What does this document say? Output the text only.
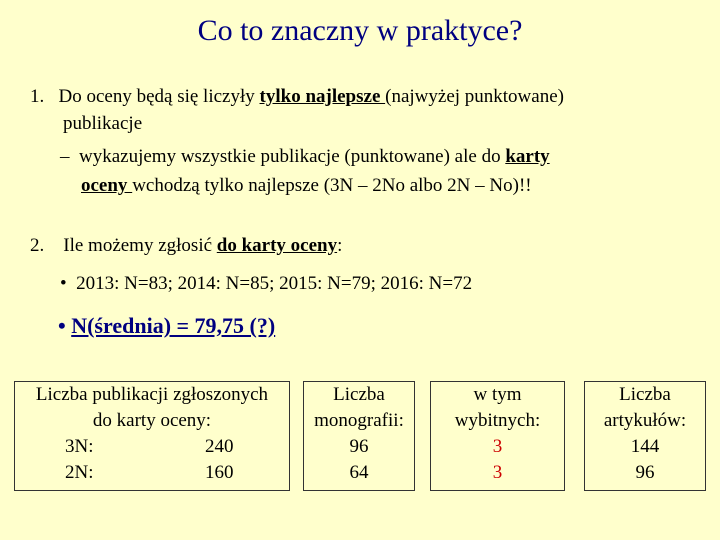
Co to znaczny w praktyce?
1. Do oceny będą się liczyły tylko najlepsze (najwyżej punktowane)
publikacje
– wykazujemy wszystkie publikacje (punktowane) ale do karty
oceny wchodzą tylko najlepsze (3N – 2No albo 2N – No)!!
2. Ile możemy zgłosić do karty oceny:
• 2013: N=83; 2014: N=85; 2015: N=79; 2016: N=72
• N(średnia) = 79,75 (?)
Liczba publikacji zgłoszonych
do karty oceny:
3N:	240
2N:	160
Liczba
monografii:
96
64
w tym
wybitnych:
3
3
Liczba
artykułów:
144
96
